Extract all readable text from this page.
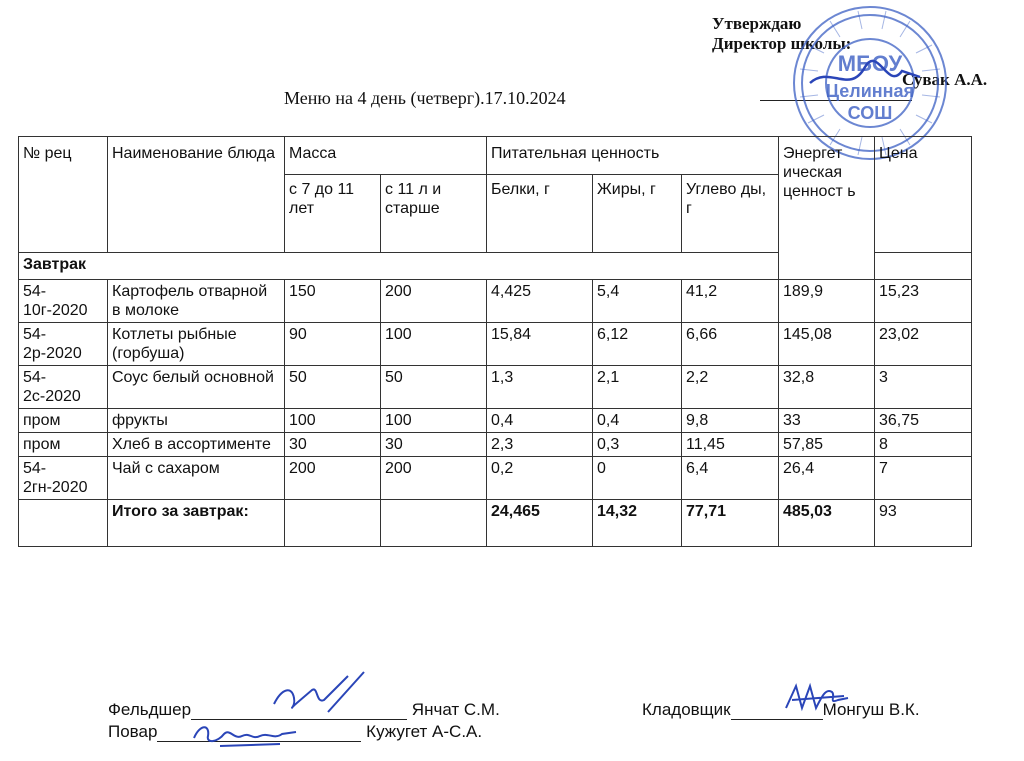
Утверждаю
Директор школы:
Сувак А.А.
МБОУ
Целинная
СОШ
Меню на 4 день (четверг).17.10.2024
№ рец	Наименование блюда	Масса		Питательная ценность			Энергет ическая ценност ь	Цена
		с 7 до 11 лет	с 11 л и старше	Белки, г	Жиры, г	Углево ды, г		
Завтрак								
54-10г-2020	Картофель отварной в молоке	150	200	4,425	5,4	41,2	189,9	15,23
54-2р-2020	Котлеты рыбные (горбуша)	90	100	15,84	6,12	6,66	145,08	23,02
54-2с-2020	Соус белый основной	50	50	1,3	2,1	2,2	32,8	3
пром	фрукты	100	100	0,4	0,4	9,8	33	36,75
пром	Хлеб в ассортименте	30	30	2,3	0,3	11,45	57,85	8
54-2гн-2020	Чай с сахаром	200	200	0,2	0	6,4	26,4	7
	Итого за завтрак:			24,465	14,32	77,71	485,03	93
Фельдшер	Янчат С.М.	Кладовщик	Монгуш В.К.
Повар	Кужугет А-С.А.
